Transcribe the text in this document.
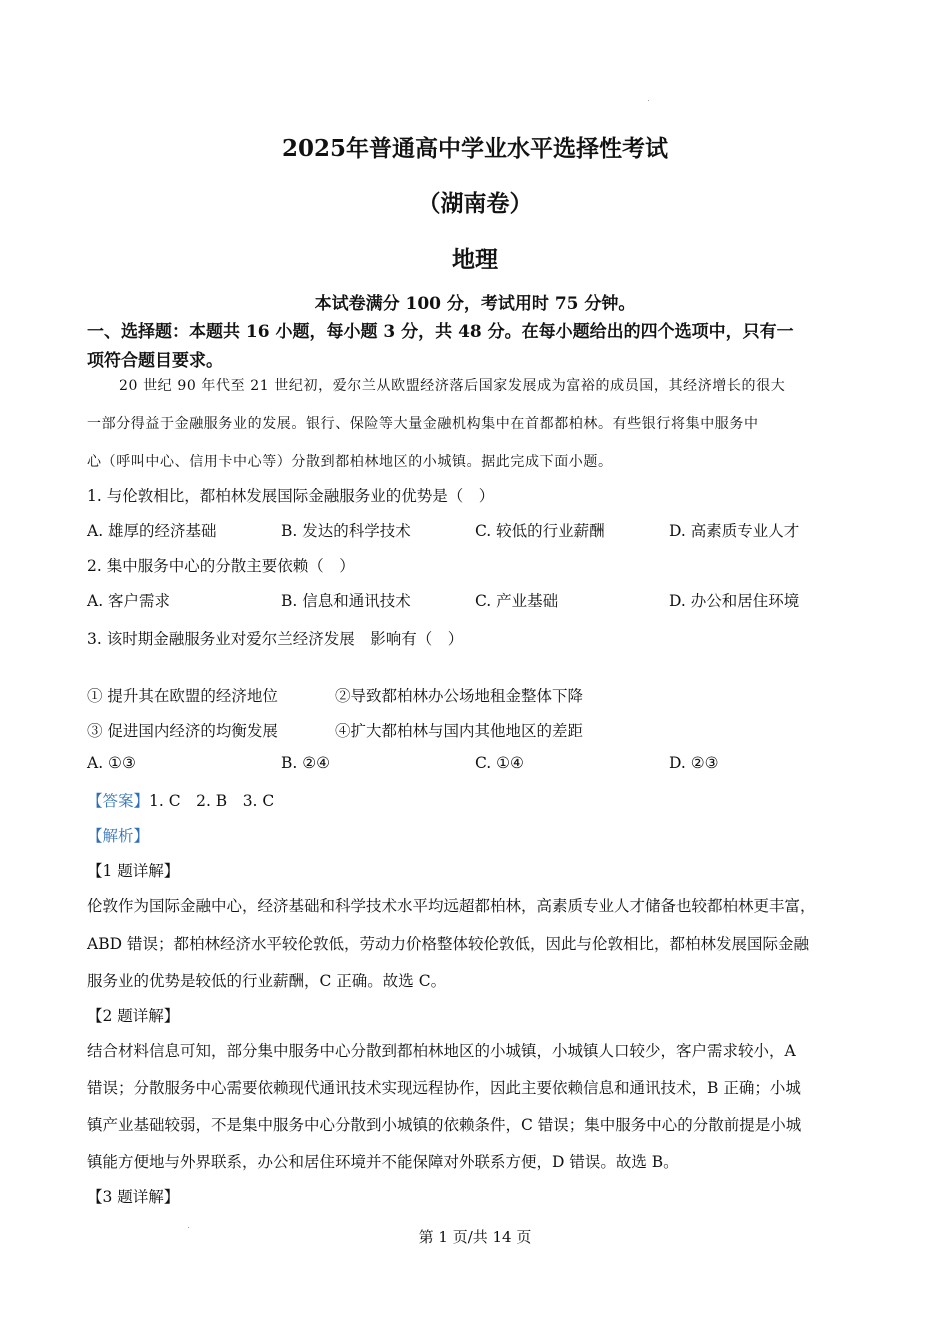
2025年普通高中学业水平选择性考试
（湖南卷）
地理
本试卷满分 100 分，考试用时 75 分钟。
一、选择题：本题共 16 小题，每小题 3 分，共 48 分。在每小题给出的四个选项中，只有一
项符合题目要求。
20 世纪 90 年代至 21 世纪初，爱尔兰从欧盟经济落后国家发展成为富裕的成员国，其经济增长的很大
一部分得益于金融服务业的发展。银行、保险等大量金融机构集中在首都都柏林。有些银行将集中服务中
心（呼叫中心、信用卡中心等）分散到都柏林地区的小城镇。据此完成下面小题。
1. 与伦敦相比，都柏林发展国际金融服务业的优势是（　）
A. 雄厚的经济基础	B. 发达的科学技术	C. 较低的行业薪酬	D. 高素质专业人才
2. 集中服务中心的分散主要依赖（　）
A. 客户需求	B. 信息和通讯技术	C. 产业基础	D. 办公和居住环境
3. 该时期金融服务业对爱尔兰经济发展　影响有（　）
① 提升其在欧盟的经济地位	②导致都柏林办公场地租金整体下降
③ 促进国内经济的均衡发展	④扩大都柏林与国内其他地区的差距
A. ①③	B. ②④	C. ①④	D. ②③
【答案】1. C　2. B　3. C
【解析】
【1 题详解】
伦敦作为国际金融中心，经济基础和科学技术水平均远超都柏林，高素质专业人才储备也较都柏林更丰富，
ABD 错误；都柏林经济水平较伦敦低，劳动力价格整体较伦敦低，因此与伦敦相比，都柏林发展国际金融
服务业的优势是较低的行业薪酬，C 正确。故选 C。
【2 题详解】
结合材料信息可知，部分集中服务中心分散到都柏林地区的小城镇，小城镇人口较少，客户需求较小，A
错误；分散服务中心需要依赖现代通讯技术实现远程协作，因此主要依赖信息和通讯技术，B 正确；小城
镇产业基础较弱，不是集中服务中心分散到小城镇的依赖条件，C 错误；集中服务中心的分散前提是小城
镇能方便地与外界联系，办公和居住环境并不能保障对外联系方便，D 错误。故选 B。
【3 题详解】
第 1 页/共 14 页
